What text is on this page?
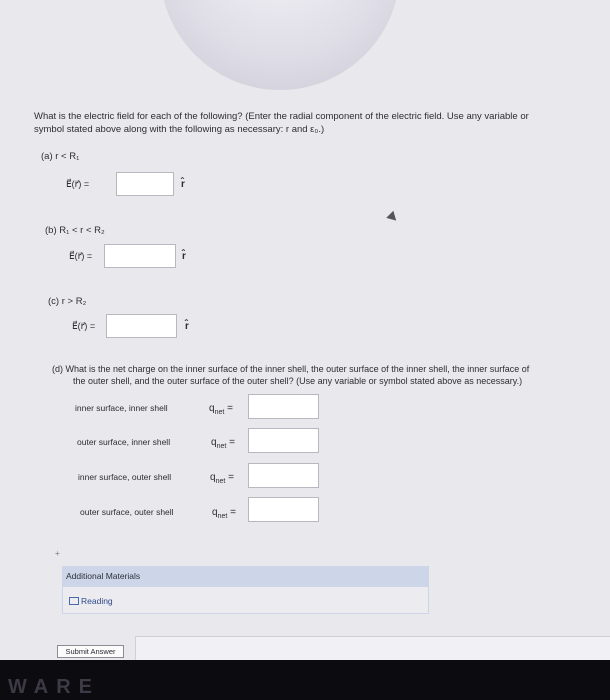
What is the electric field for each of the following? (Enter the radial component of the electric field. Use any variable or
symbol stated above along with the following as necessary: r and ε₀.)
(a) r < R₁
E⃗(r⃗) =	r̂
(b) R₁ < r < R₂
E⃗(r⃗) =	r̂
(c) r > R₂
E⃗(r⃗) =	r̂
(d) What is the net charge on the inner surface of the inner shell, the outer surface of the inner shell, the inner surface of
the outer shell, and the outer surface of the outer shell? (Use any variable or symbol stated above as necessary.)
inner surface, inner shell	$q_{net}$ =
outer surface, inner shell	$q_{net}$ =
inner surface, outer shell	$q_{net}$ =
outer surface, outer shell	$q_{net}$ =
+
Additional Materials
Reading
Submit Answer
WARE
